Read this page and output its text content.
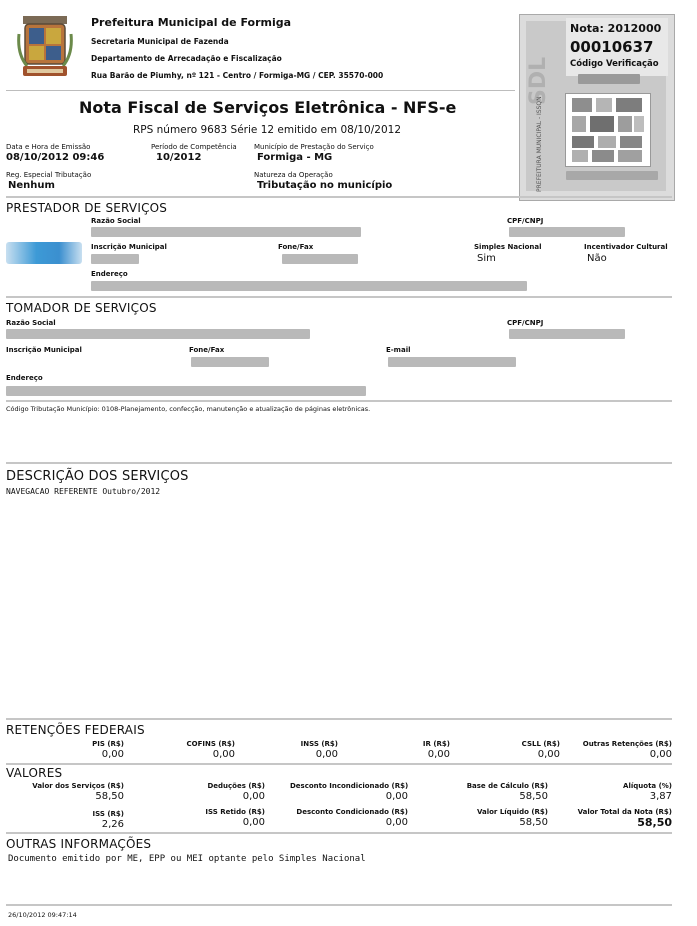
Prefeitura Municipal de Formiga
Secretaria Municipal de Fazenda
Departamento de Arrecadação e Fiscalização
Rua Barão de Piumhy, nº 121 - Centro / Formiga-MG / CEP. 35570-000	SDL
PREFEITURA MUNICIPAL - ISSQN
Nota: 2012000
00010637
Código Verificação
Nota Fiscal de Serviços Eletrônica - NFS-e
RPS número 9683 Série 12 emitido em 08/10/2012
Data e Hora de Emissão
08/10/2012 09:46
Período de Competência
10/2012
Município de Prestação do Serviço
Formiga - MG
Reg. Especial Tributação
Nenhum
Natureza da Operação
Tributação no município
PRESTADOR DE SERVIÇOS
Razão Social	CPF/CNPJ
Inscrição Municipal	Fone/Fax	Simples Nacional
Sim
Incentivador Cultural
Não
Endereço
TOMADOR DE SERVIÇOS
Razão Social	CPF/CNPJ
Inscrição Municipal	Fone/Fax	E-mail
Endereço
Código Tributação Município: 0108-Planejamento, confecção, manutenção e atualização de páginas eletrônicas.
DESCRIÇÃO DOS SERVIÇOS
NAVEGACAO REFERENTE Outubro/2012
RETENÇÕES FEDERAIS
PIS (R$)
0,00
COFINS (R$)
0,00
INSS (R$)
0,00
IR (R$)
0,00
CSLL (R$)
0,00
Outras Retenções (R$)
0,00
VALORES
Valor dos Serviços (R$)
58,50
Deduções (R$)
0,00
Desconto Incondicionado (R$)
0,00
Base de Cálculo (R$)
58,50
Alíquota (%)
3,87
ISS (R$)
2,26
ISS Retido (R$)
0,00
Desconto Condicionado (R$)
0,00
Valor Líquido (R$)
58,50
Valor Total da Nota (R$)
58,50
OUTRAS INFORMAÇÕES
Documento emitido por ME, EPP ou MEI optante pelo Simples Nacional
26/10/2012 09:47:14
